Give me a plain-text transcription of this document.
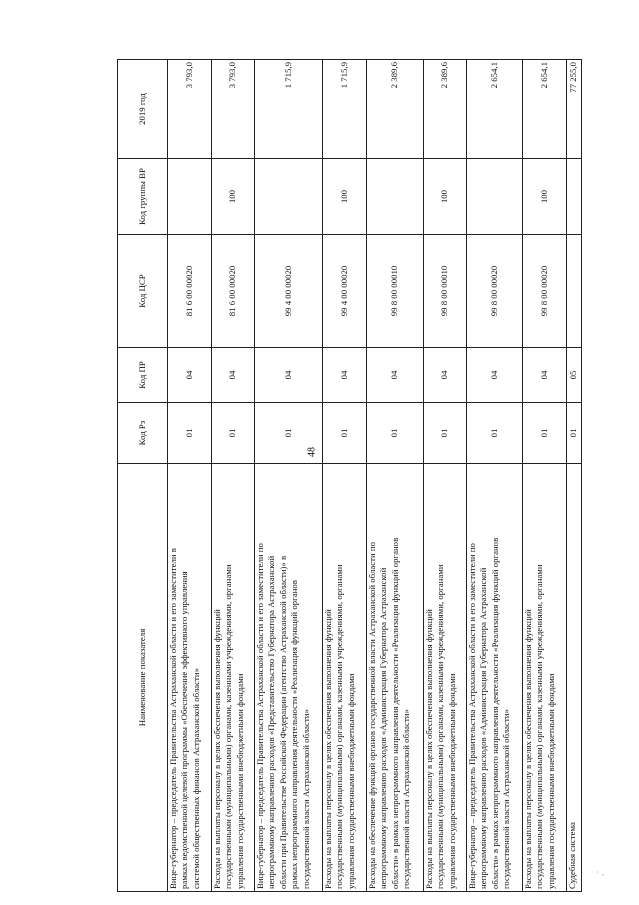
48
Наименование показателя	Код Рз	Код ПР	Код ЦСР	Код группы ВР	2019 год

Вице-губернатор – председатель Правительства Астраханской области и его заместители в рамках ведомственной целевой программы «Обеспечение эффективного управления системой общественных финансов Астраханской области»	01	04	81 6 00 00020		3 793,0

Расходы на выплаты персоналу в целях обеспечения выполнения функций государственными (муниципальными) органами, казенными учреждениями, органами управления государственными внебюджетными фондами	01	04	81 6 00 00020	100	3 793,0

Вице-губернатор – председатель Правительства Астраханской области и его заместители по непрограммному направлению расходов «Представительство Губернатора Астраханской области при Правительстве Российской Федерации (агентство Астраханской области)» в рамках непрограммного направления деятельности «Реализация функций органов государственной власти Астраханской области»	01	04	99 4 00 00020		1 715,9

Расходы на выплаты персоналу в целях обеспечения выполнения функций государственными (муниципальными) органами, казенными учреждениями, органами управления государственными внебюджетными фондами	01	04	99 4 00 00020	100	1 715,9

Расходы на обеспечение функций органов государственной власти Астраханской области по непрограммному направлению расходов «Администрация Губернатора Астраханской области» в рамках непрограммного направления деятельности «Реализация функций органов государственной власти Астраханской области»	01	04	99 8 00 00010		2 389,6

Расходы на выплаты персоналу в целях обеспечения выполнения функций государственными (муниципальными) органами, казенными учреждениями, органами управления государственными внебюджетными фондами	01	04	99 8 00 00010	100	2 389,6

Вице-губернатор – председатель Правительства Астраханской области и его заместители по непрограммному направлению расходов «Администрация Губернатора Астраханской области» в рамках непрограммного направления деятельности «Реализация функций органов государственной власти Астраханской области»	01	04	99 8 00 00020		2 654,1

Расходы на выплаты персоналу в целях обеспечения выполнения функций государственными (муниципальными) органами, казенными учреждениями, органами управления государственными внебюджетными фондами	01	04	99 8 00 00020	100	2 654,1

Судебная система	01	05			77 255,0
˙ ·
